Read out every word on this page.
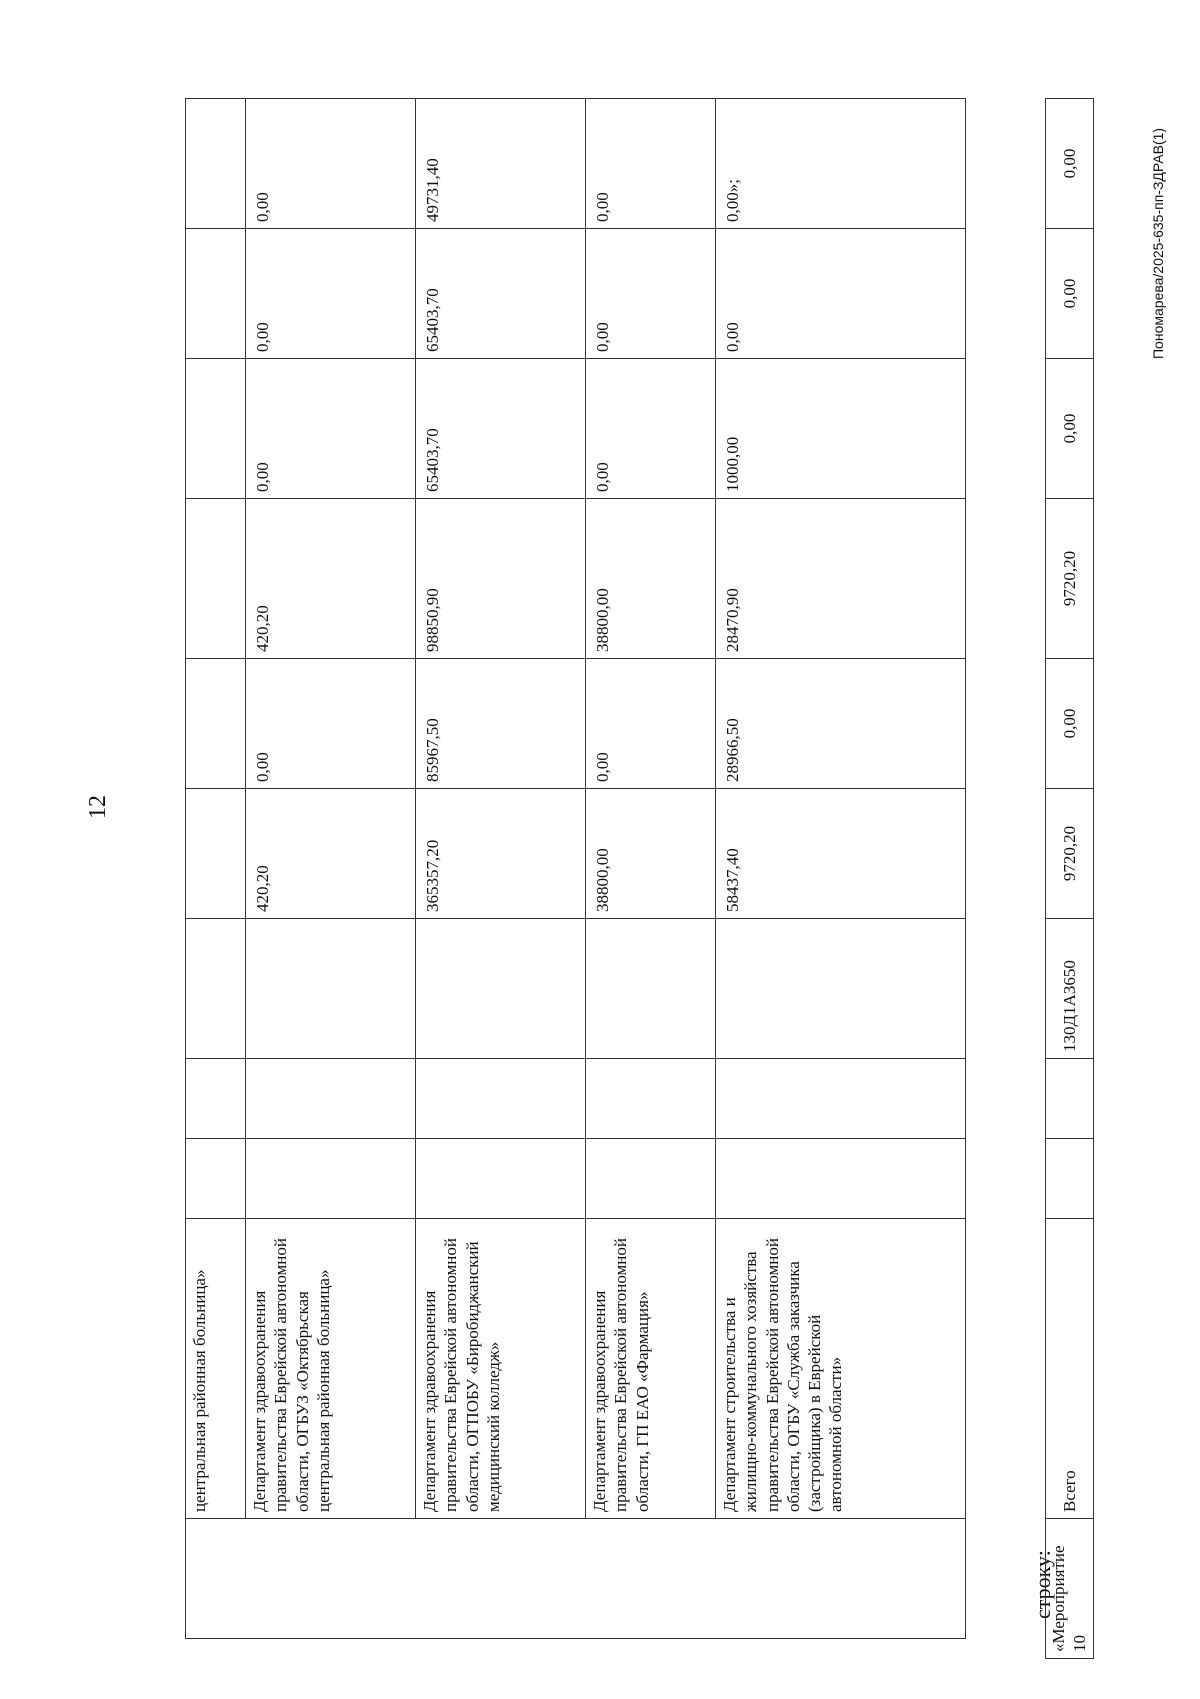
12
	центральная районная больница»									
	Департамент здравоохранения правительства Еврейской автономной области, ОГБУЗ «Октябрьская центральная районная больница»				420,20	0,00	420,20	0,00	0,00	0,00
	Департамент здравоохранения правительства Еврейской автономной области, ОГПОБУ «Биробиджанский медицинский колледж»				365357,20	85967,50	98850,90	65403,70	65403,70	49731,40
	Департамент здравоохранения правительства Еврейской автономной области, ГП ЕАО «Фармация»				38800,00	0,00	38800,00	0,00	0,00	0,00
	Департамент строительства и жилищно-коммунального хозяйства правительства Еврейской автономной области, ОГБУ «Служба заказчика (застройщика) в Еврейской автономной области»				58437,40	28966,50	28470,90	1000,00	0,00	0,00»;
строку:
«Мероприятие 10	Всего			130Д1А3650	9720,20	0,00	9720,20	0,00	0,00	0,00	Пономарева/2025-635-пп-ЗДРАВ(1)
